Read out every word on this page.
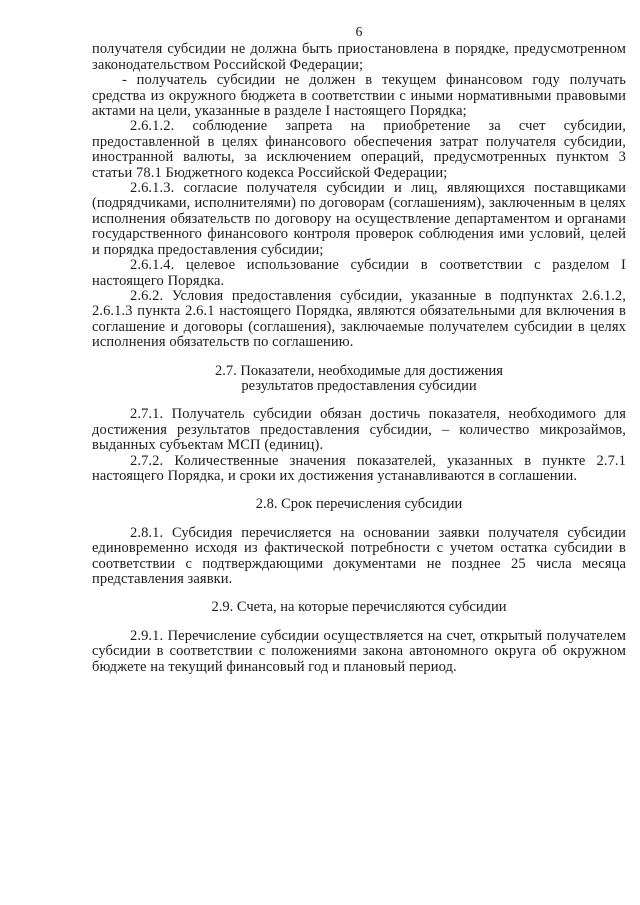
6

получателя субсидии не должна быть приостановлена в порядке, предусмотренном законодательством Российской Федерации;

- получатель субсидии не должен в текущем финансовом году получать средства из окружного бюджета в соответствии с иными нормативными правовыми актами на цели, указанные в разделе I настоящего Порядка;

2.6.1.2. соблюдение запрета на приобретение за счет субсидии, предоставленной в целях финансового обеспечения затрат получателя субсидии, иностранной валюты, за исключением операций, предусмотренных пунктом 3 статьи 78.1 Бюджетного кодекса Российской Федерации;

2.6.1.3. согласие получателя субсидии и лиц, являющихся поставщиками (подрядчиками, исполнителями) по договорам (соглашениям), заключенным в целях исполнения обязательств по договору на осуществление департаментом и органами государственного финансового контроля проверок соблюдения ими условий, целей и порядка предоставления субсидии;

2.6.1.4. целевое использование субсидии в соответствии с разделом I настоящего Порядка.

2.6.2. Условия предоставления субсидии, указанные в подпунктах 2.6.1.2, 2.6.1.3 пункта 2.6.1 настоящего Порядка, являются обязательными для включения в соглашение и договоры (соглашения), заключаемые получателем субсидии в целях исполнения обязательств по соглашению.

2.7. Показатели, необходимые для достижения
результатов предоставления субсидии

2.7.1. Получатель субсидии обязан достичь показателя, необходимого для достижения результатов предоставления субсидии, – количество микрозаймов, выданных субъектам МСП (единиц).

2.7.2. Количественные значения показателей, указанных в пункте 2.7.1 настоящего Порядка, и сроки их достижения устанавливаются в соглашении.

2.8. Срок перечисления субсидии

2.8.1. Субсидия перечисляется на основании заявки получателя субсидии единовременно исходя из фактической потребности с учетом остатка субсидии в соответствии с подтверждающими документами не позднее 25 числа месяца представления заявки.

2.9. Счета, на которые перечисляются субсидии

2.9.1. Перечисление субсидии осуществляется на счет, открытый получателем субсидии в соответствии с положениями закона автономного округа об окружном бюджете на текущий финансовый год и плановый период.
